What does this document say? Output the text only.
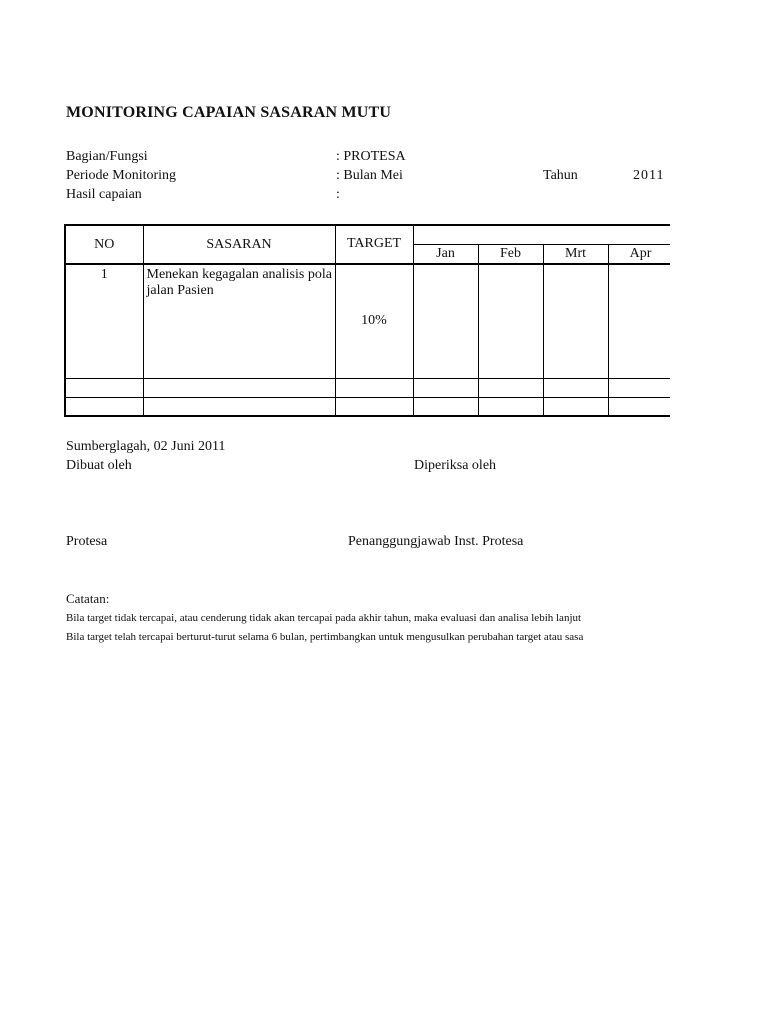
MONITORING CAPAIAN SASARAN MUTU
Bagian/Fungsi	: PROTESA
Periode Monitoring	: Bulan Mei	Tahun	2011
Hasil capaian	:
NO	SASARAN	TARGET				
			Jan	Feb	Mrt	Apr
1	Menekan kegagalan analisis pola jalan Pasien	10%				

Sumberglagah, 02 Juni 2011
Dibuat oleh	Diperiksa oleh
Protesa	Penanggungjawab Inst. Protesa
Catatan:
Bila target tidak tercapai, atau cenderung tidak akan tercapai pada akhir tahun, maka evaluasi dan analisa lebih lanjut
Bila target telah tercapai berturut-turut selama 6 bulan, pertimbangkan untuk mengusulkan perubahan target atau sasa
